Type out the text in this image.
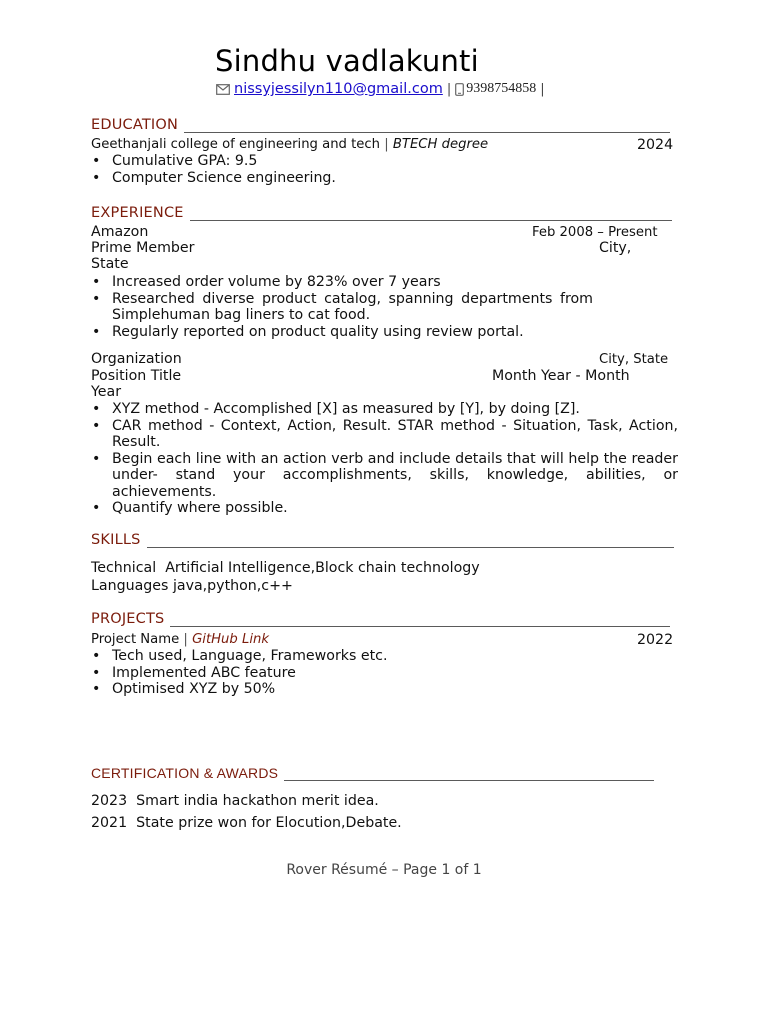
Sindhu vadlakunti
nissyjessilyn110@gmail.com | 9398754858 |
EDUCATION
Geethanjali college of engineering and tech | BTECH degree	2024
• Cumulative GPA: 9.5
• Computer Science engineering.
EXPERIENCE
Amazon	Feb 2008 – Present
Prime Member	City,
State
• Increased order volume by 823% over 7 years
• Researched diverse product catalog, spanning departments from Simplehuman bag liners to cat food.
• Regularly reported on product quality using review portal.
Organization	City, State
Position Title	Month Year - Month
Year
• XYZ method - Accomplished [X] as measured by [Y], by doing [Z].
• CAR method - Context, Action, Result. STAR method - Situation, Task, Action, Result.
• Begin each line with an action verb and include details that will help the reader under- stand your accomplishments, skills, knowledge, abilities, or achievements.
• Quantify where possible.
SKILLS
Technical Artificial Intelligence,Block chain technology
Languages java,python,c++
PROJECTS
Project Name | GitHub Link	2022
• Tech used, Language, Frameworks etc.
• Implemented ABC feature
• Optimised XYZ by 50%
CERTIFICATION & AWARDS
2023 Smart india hackathon merit idea.
2021 State prize won for Elocution,Debate.
Rover Résumé – Page 1 of 1
